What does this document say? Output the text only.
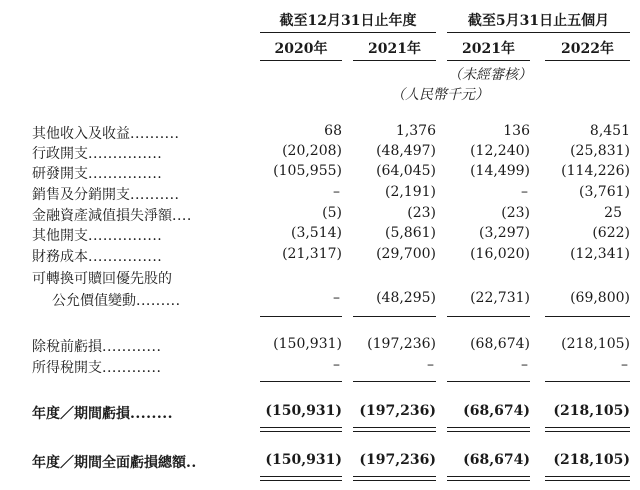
截至12月31日止年度	截至5月31日止五個月
2020年	2021年	2021年	2022年
（未經審核）
（人民幣千元）
其他收入及收益..........	68	1,376	136	8,451
行政開支...............	(20,208) (48,497) (12,240)	(25,831)
研發開支...............	(105,955) (64,045) (14,499) (114,226)
銷售及分銷開支..........	–	(2,191)	–	(3,761)
金融資產減值損失淨額....	(5)	(23)	(23)	25
其他開支...............	(3,514)	(5,861)	(3,297)	(622)
財務成本...............	(21,317) (29,700) (16,020)	(12,341)
可轉換可贖回優先股的
公允價值變動.........	–	(48,295) (22,731)	(69,800)
除稅前虧損............	(150,931) (197,236) (68,674) (218,105)
所得稅開支............	–	–	–	–
年度／期間虧損........	(150,931) (197,236) (68,674) (218,105)
年度／期間全面虧損總額..	(150,931) (197,236) (68,674) (218,105)
